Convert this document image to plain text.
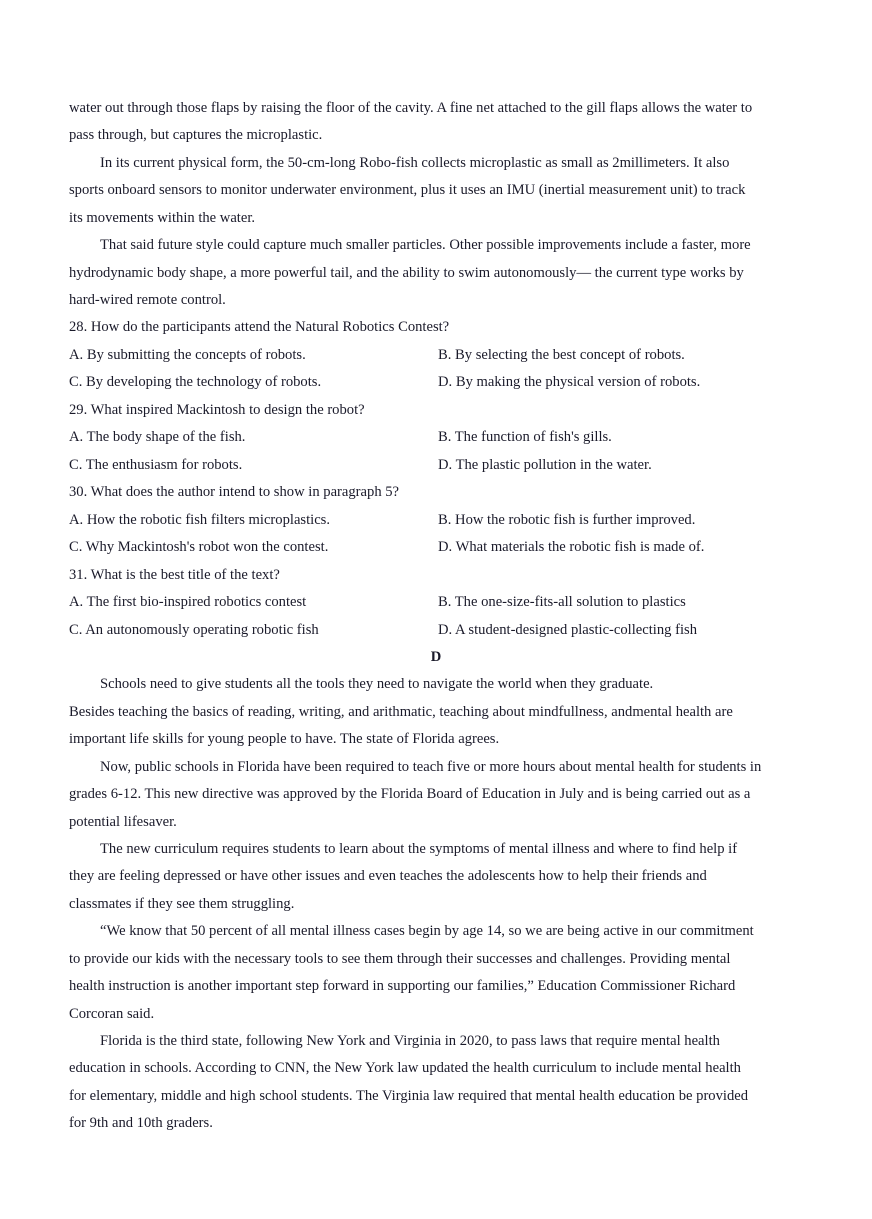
water out through those flaps by raising the floor of the cavity. A fine net attached to the gill flaps allows the water to
pass through, but captures the microplastic.
In its current physical form, the 50-cm-long Robo-fish collects microplastic as small as 2millimeters. It also
sports onboard sensors to monitor underwater environment, plus it uses an IMU (inertial measurement unit) to track
its movements within the water.
That said future style could capture much smaller particles. Other possible improvements include a faster, more
hydrodynamic body shape, a more powerful tail, and the ability to swim autonomously— the current type works by
hard-wired remote control.
28. How do the participants attend the Natural Robotics Contest?
A. By submitting the concepts of robots.	B. By selecting the best concept of robots.
C. By developing the technology of robots.	D. By making the physical version of robots.
29. What inspired Mackintosh to design the robot?
A. The body shape of the fish.	B. The function of fish's gills.
C. The enthusiasm for robots.	D. The plastic pollution in the water.
30. What does the author intend to show in paragraph 5?
A. How the robotic fish filters microplastics.	B. How the robotic fish is further improved.
C. Why Mackintosh's robot won the contest.	D. What materials the robotic fish is made of.
31. What is the best title of the text?
A. The first bio-inspired robotics contest	B. The one-size-fits-all solution to plastics
C. An autonomously operating robotic fish	D. A student-designed plastic-collecting fish
D
Schools need to give students all the tools they need to navigate the world when they graduate.
Besides teaching the basics of reading, writing, and arithmatic, teaching about mindfullness, andmental health are
important life skills for young people to have. The state of Florida agrees.
Now, public schools in Florida have been required to teach five or more hours about mental health for students in
grades 6-12. This new directive was approved by the Florida Board of Education in July and is being carried out as a
potential lifesaver.
The new curriculum requires students to learn about the symptoms of mental illness and where to find help if
they are feeling depressed or have other issues and even teaches the adolescents how to help their friends and
classmates if they see them struggling.
“We know that 50 percent of all mental illness cases begin by age 14, so we are being active in our commitment
to provide our kids with the necessary tools to see them through their successes and challenges. Providing mental
health instruction is another important step forward in supporting our families,” Education Commissioner Richard
Corcoran said.
Florida is the third state, following New York and Virginia in 2020, to pass laws that require mental health
education in schools. According to CNN, the New York law updated the health curriculum to include mental health
for elementary, middle and high school students. The Virginia law required that mental health education be provided
for 9th and 10th graders.
